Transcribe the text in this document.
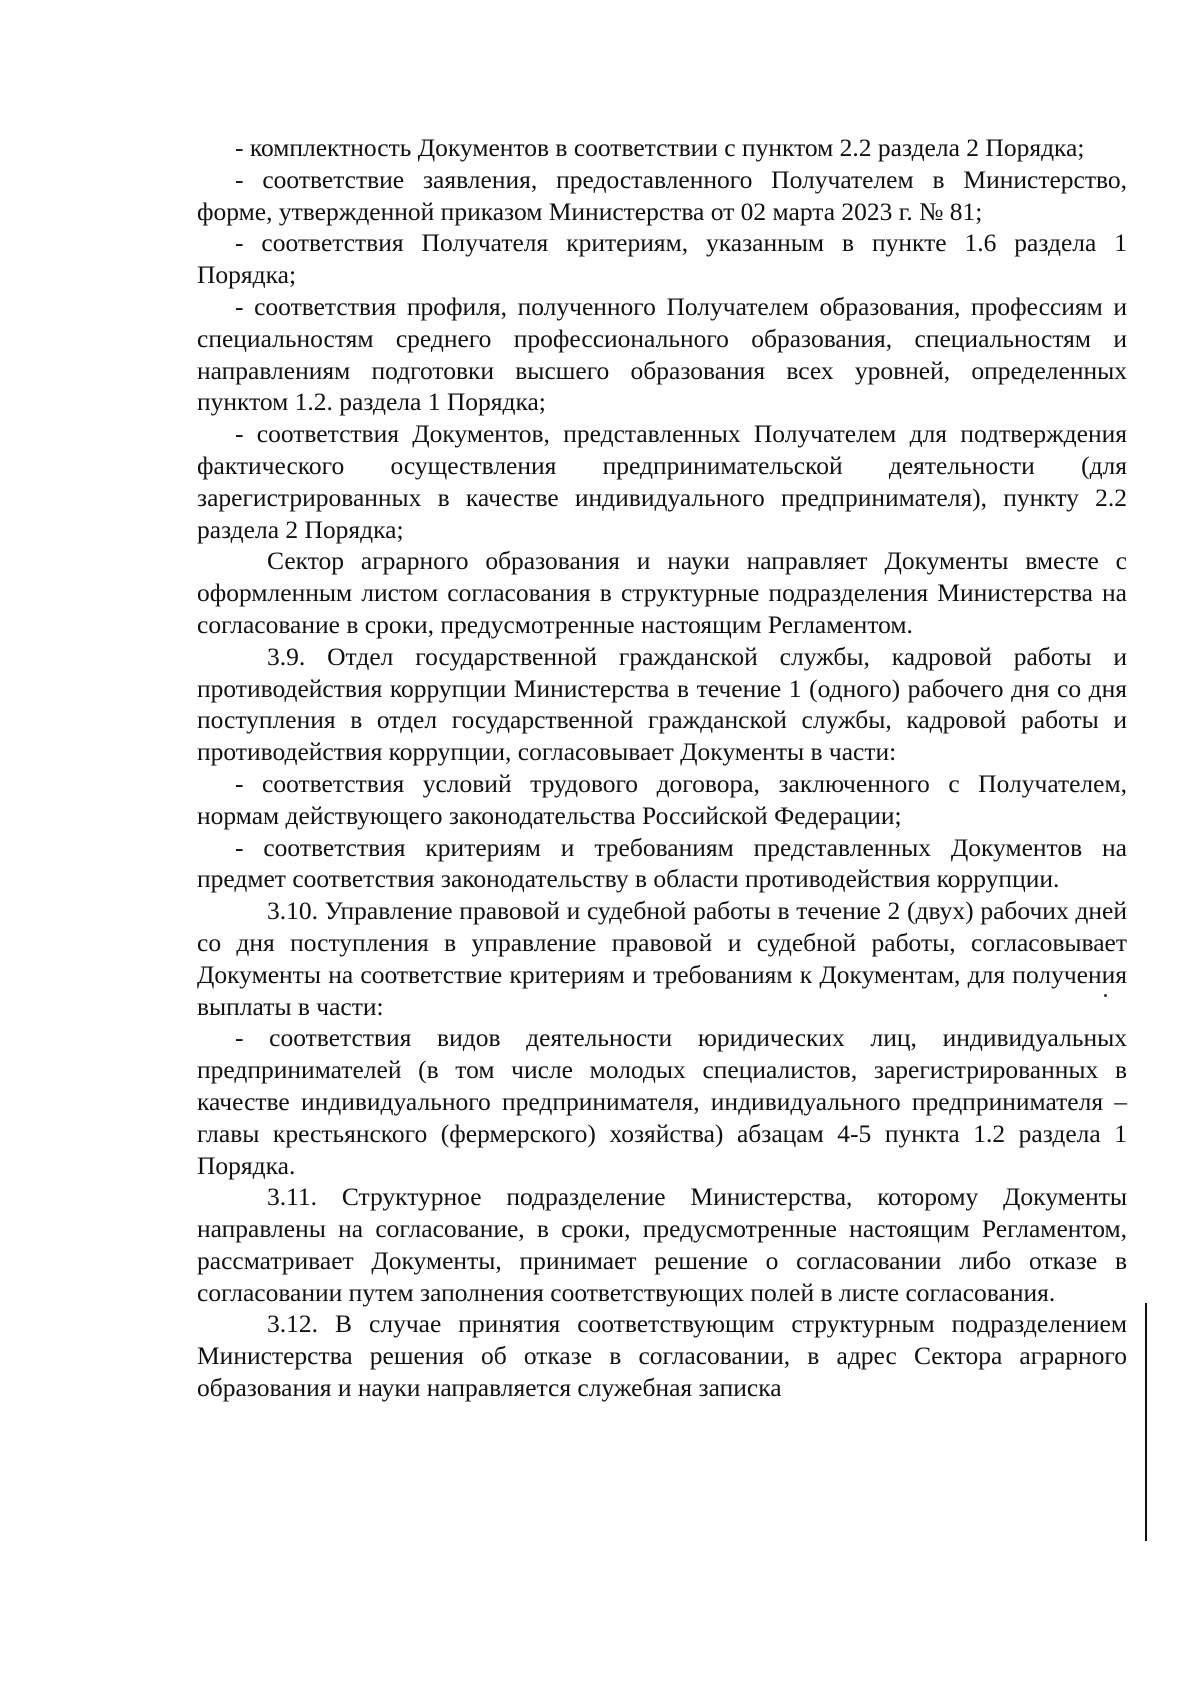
- комплектность Документов в соответствии с пунктом 2.2 раздела 2 Порядка;

- соответствие заявления, предоставленного Получателем в Министерство, форме, утвержденной приказом Министерства от 02 марта 2023 г. № 81;

- соответствия Получателя критериям, указанным в пункте 1.6 раздела 1 Порядка;

- соответствия профиля, полученного Получателем образования, профессиям и специальностям среднего профессионального образования, специальностям и направлениям подготовки высшего образования всех уровней, определенных пунктом 1.2. раздела 1 Порядка;

- соответствия Документов, представленных Получателем для подтверждения фактического осуществления предпринимательской деятельности (для зарегистрированных в качестве индивидуального предпринимателя), пункту 2.2 раздела 2 Порядка;

Сектор аграрного образования и науки направляет Документы вместе с оформленным листом согласования в структурные подразделения Министерства на согласование в сроки, предусмотренные настоящим Регламентом.

3.9. Отдел государственной гражданской службы, кадровой работы и противодействия коррупции Министерства в течение 1 (одного) рабочего дня со дня поступления в отдел государственной гражданской службы, кадровой работы и противодействия коррупции, согласовывает Документы в части:

- соответствия условий трудового договора, заключенного с Получателем, нормам действующего законодательства Российской Федерации;

- соответствия критериям и требованиям представленных Документов на предмет соответствия законодательству в области противодействия коррупции.

3.10. Управление правовой и судебной работы в течение 2 (двух) рабочих дней со дня поступления в управление правовой и судебной работы, согласовывает Документы на соответствие критериям и требованиям к Документам, для получения выплаты в части:

- соответствия видов деятельности юридических лиц, индивидуальных предпринимателей (в том числе молодых специалистов, зарегистрированных в качестве индивидуального предпринимателя, индивидуального предпринимателя – главы крестьянского (фермерского) хозяйства) абзацам 4-5 пункта 1.2 раздела 1 Порядка.

3.11. Структурное подразделение Министерства, которому Документы направлены на согласование, в сроки, предусмотренные настоящим Регламентом, рассматривает Документы, принимает решение о согласовании либо отказе в согласовании путем заполнения соответствующих полей в листе согласования.

3.12. В случае принятия соответствующим структурным подразделением Министерства решения об отказе в согласовании, в адрес Сектора аграрного образования и науки направляется служебная записка
